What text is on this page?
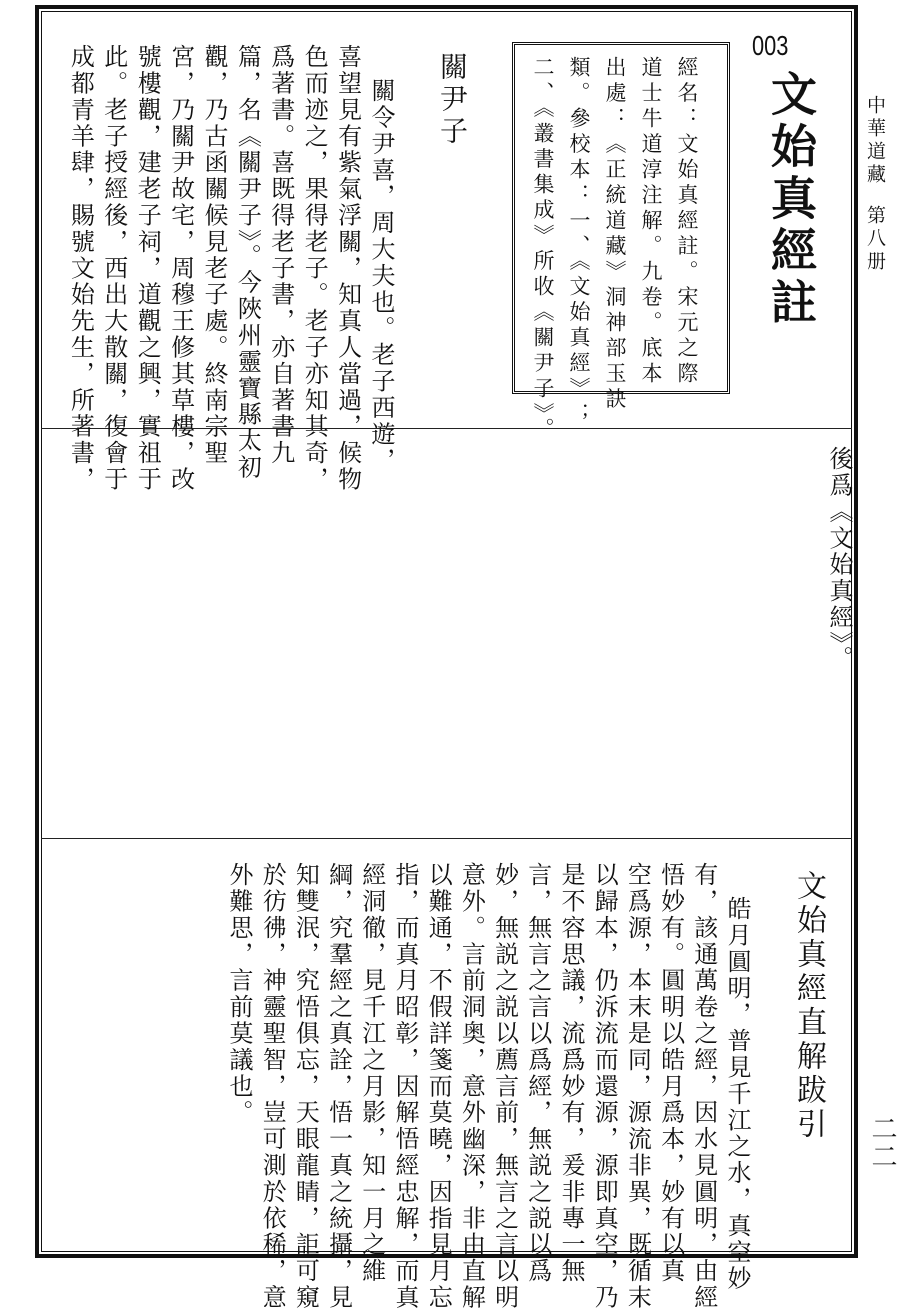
中華道藏
第八册
二二
003
文始真經註
經名：文始真經註。宋元之際
道士牛道淳注解。九卷。底本
出處：《正統道藏》洞神部玉訣
類。參校本：一、《文始真經》；
二、《叢書集成》所收《關尹子》。
關尹子
關令尹喜，周大夫也。老子西遊，
喜望見有紫氣浮關，知真人當過，候物
色而迹之，果得老子。老子亦知其奇，
爲著書。喜既得老子書，亦自著書九
篇，名《關尹子》。今陜州靈寶縣太初
觀，乃古函關候見老子處。終南宗聖
宮，乃關尹故宅，周穆王修其草樓，改
號樓觀，建老子祠，道觀之興，實祖于
此。老子授經後，西出大散關，復會于
成都青羊肆，賜號文始先生，所著書，
後爲《文始真經》。
文始真經直解跋引
皓月圓明，普見千江之水，真空妙
有，該通萬卷之經，因水見圓明，由經
悟妙有。圓明以皓月爲本，妙有以真
空爲源，本末是同，源流非異，既循末
以歸本，仍泝流而還源，源即真空，乃
是不容思議，流爲妙有，爰非專一無
言，無言之言以爲經，無説之説以爲
妙，無説之説以薦言前，無言之言以明
意外。言前洞奥，意外幽深，非由直解
以難通，不假詳箋而莫曉，因指見月忘
指，而真月昭彰，因解悟經忠解，而真
經洞徹，見千江之月影，知一月之維
綱，究羣經之真詮，悟一真之統攝，見
知雙泯，究悟俱忘，天眼龍睛，詎可窺
於彷彿，神靈聖智，豈可測於依稀，意
外難思，言前莫議也。
